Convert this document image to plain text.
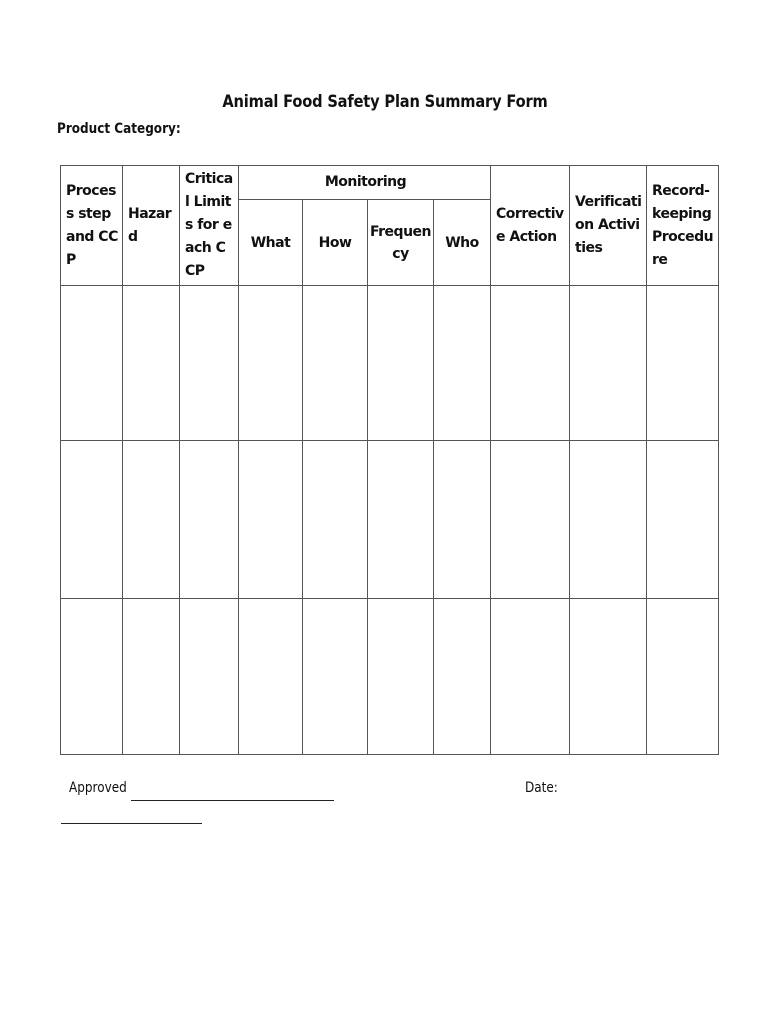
Animal Food Safety Plan Summary Form
Product Category:
Process step and CCP	Hazard	Critical Limits for each CCP	Monitoring				Corrective Action	Verification Activities	Record-keeping Procedure
			What	How	Frequency	Who			

Approved	Date:
